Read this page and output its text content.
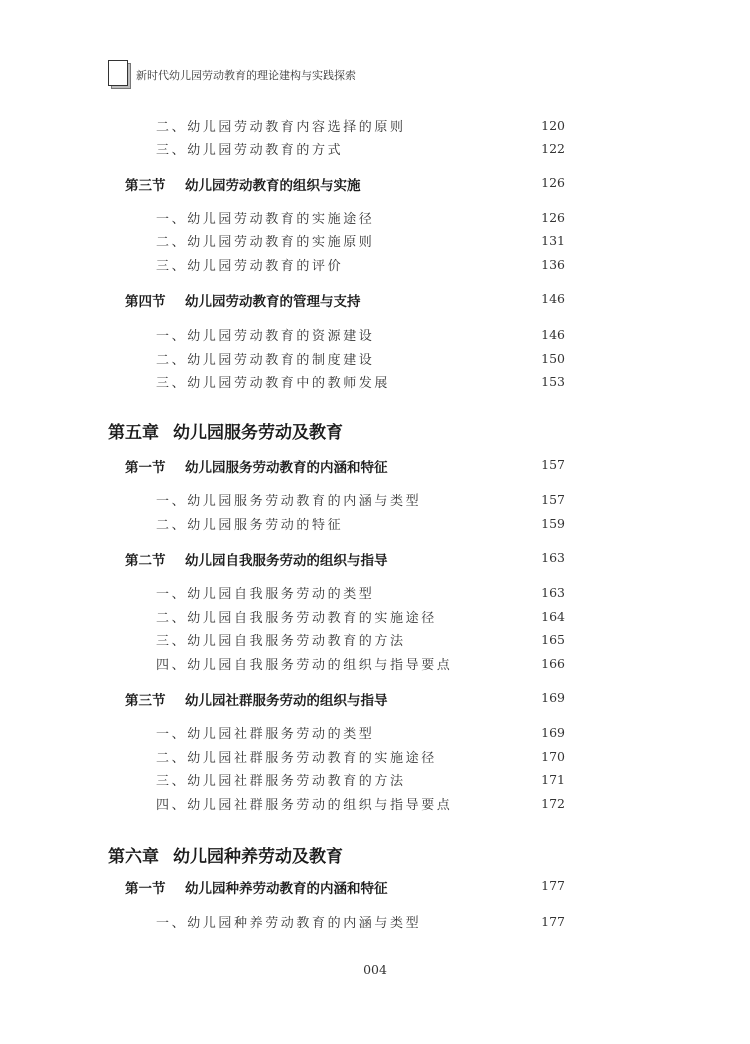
新时代幼儿园劳动教育的理论建构与实践探索
二、幼儿园劳动教育内容选择的原则	120
三、幼儿园劳动教育的方式	122
第三节 幼儿园劳动教育的组织与实施	126
一、幼儿园劳动教育的实施途径	126
二、幼儿园劳动教育的实施原则	131
三、幼儿园劳动教育的评价	136
第四节 幼儿园劳动教育的管理与支持	146
一、幼儿园劳动教育的资源建设	146
二、幼儿园劳动教育的制度建设	150
三、幼儿园劳动教育中的教师发展	153
第五章 幼儿园服务劳动及教育
第一节 幼儿园服务劳动教育的内涵和特征	157
一、幼儿园服务劳动教育的内涵与类型	157
二、幼儿园服务劳动的特征	159
第二节 幼儿园自我服务劳动的组织与指导	163
一、幼儿园自我服务劳动的类型	163
二、幼儿园自我服务劳动教育的实施途径	164
三、幼儿园自我服务劳动教育的方法	165
四、幼儿园自我服务劳动的组织与指导要点	166
第三节 幼儿园社群服务劳动的组织与指导	169
一、幼儿园社群服务劳动的类型	169
二、幼儿园社群服务劳动教育的实施途径	170
三、幼儿园社群服务劳动教育的方法	171
四、幼儿园社群服务劳动的组织与指导要点	172
第六章 幼儿园种养劳动及教育
第一节 幼儿园种养劳动教育的内涵和特征	177
一、幼儿园种养劳动教育的内涵与类型	177
004
